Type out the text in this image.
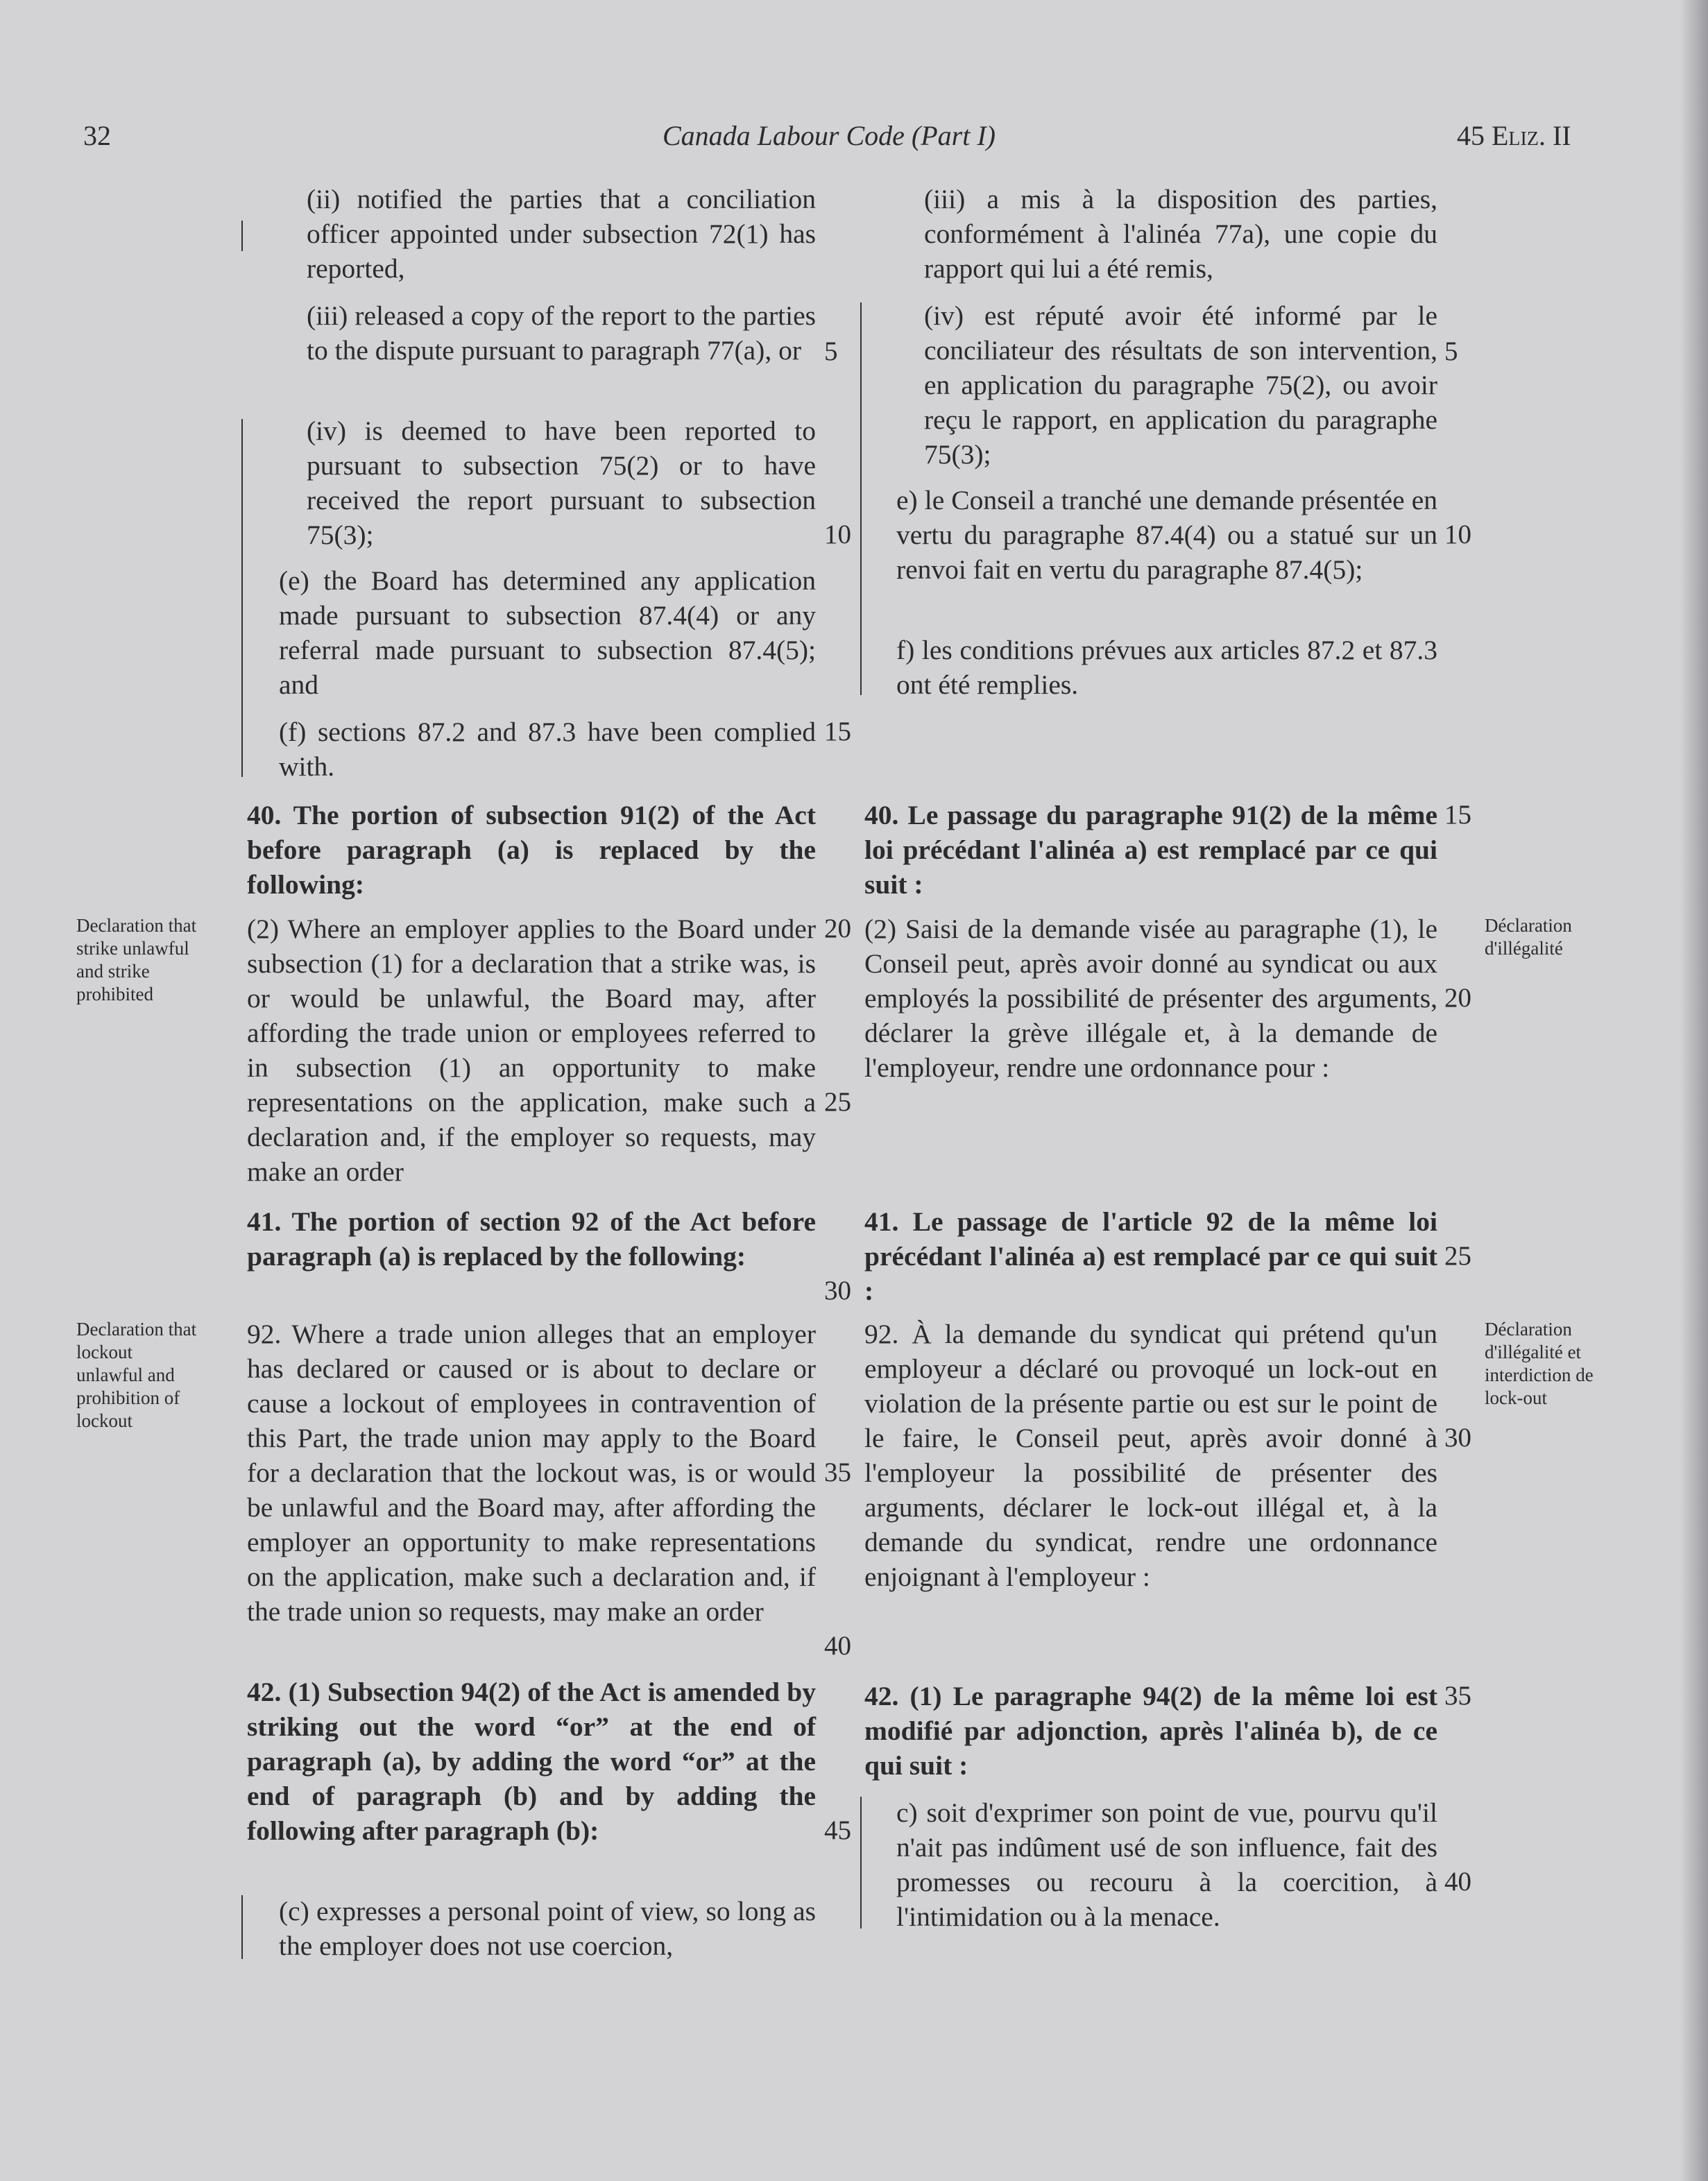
32	Canada Labour Code (Part I)	45 Eliz. II
(ii) notified the parties that a conciliation officer appointed under subsection 72(1) has reported,
(iii) released a copy of the report to the parties to the dispute pursuant to paragraph 77(a), or
(iv) is deemed to have been reported to pursuant to subsection 75(2) or to have received the report pursuant to subsection 75(3);
(e) the Board has determined any application made pursuant to subsection 87.4(4) or any referral made pursuant to subsection 87.4(5); and
(f) sections 87.2 and 87.3 have been complied with.
40. The portion of subsection 91(2) of the Act before paragraph (a) is replaced by the following:
(2) Where an employer applies to the Board under subsection (1) for a declaration that a strike was, is or would be unlawful, the Board may, after affording the trade union or employees referred to in subsection (1) an opportunity to make representations on the application, make such a declaration and, if the employer so requests, may make an order
41. The portion of section 92 of the Act before paragraph (a) is replaced by the following:
92. Where a trade union alleges that an employer has declared or caused or is about to declare or cause a lockout of employees in contravention of this Part, the trade union may apply to the Board for a declaration that the lockout was, is or would be unlawful and the Board may, after affording the employer an opportunity to make representations on the application, make such a declaration and, if the trade union so requests, may make an order
42. (1) Subsection 94(2) of the Act is amended by striking out the word “or” at the end of paragraph (a), by adding the word “or” at the end of paragraph (b) and by adding the following after paragraph (b):
(c) expresses a personal point of view, so long as the employer does not use coercion,
(iii) a mis à la disposition des parties, conformément à l'alinéa 77a), une copie du rapport qui lui a été remis,
(iv) est réputé avoir été informé par le conciliateur des résultats de son intervention, en application du paragraphe 75(2), ou avoir reçu le rapport, en application du paragraphe 75(3);
e) le Conseil a tranché une demande présentée en vertu du paragraphe 87.4(4) ou a statué sur un renvoi fait en vertu du paragraphe 87.4(5);
f) les conditions prévues aux articles 87.2 et 87.3 ont été remplies.
40. Le passage du paragraphe 91(2) de la même loi précédant l'alinéa a) est remplacé par ce qui suit :
(2) Saisi de la demande visée au paragraphe (1), le Conseil peut, après avoir donné au syndicat ou aux employés la possibilité de présenter des arguments, déclarer la grève illégale et, à la demande de l'employeur, rendre une ordonnance pour :
41. Le passage de l'article 92 de la même loi précédant l'alinéa a) est remplacé par ce qui suit :
92. À la demande du syndicat qui prétend qu'un employeur a déclaré ou provoqué un lock-out en violation de la présente partie ou est sur le point de le faire, le Conseil peut, après avoir donné à l'employeur la possibilité de présenter des arguments, déclarer le lock-out illégal et, à la demande du syndicat, rendre une ordonnance enjoignant à l'employeur :
42. (1) Le paragraphe 94(2) de la même loi est modifié par adjonction, après l'alinéa b), de ce qui suit :
c) soit d'exprimer son point de vue, pourvu qu'il n'ait pas indûment usé de son influence, fait des promesses ou recouru à la coercition, à l'intimidation ou à la menace.
5
10
15
20
25
30
35
40
45
5
10
15
20
25
30
35
40
Declaration that strike unlawful and strike prohibited
Declaration that lockout unlawful and prohibition of lockout
Déclaration d'illégalité
Déclaration d'illégalité et interdiction de lock-out
